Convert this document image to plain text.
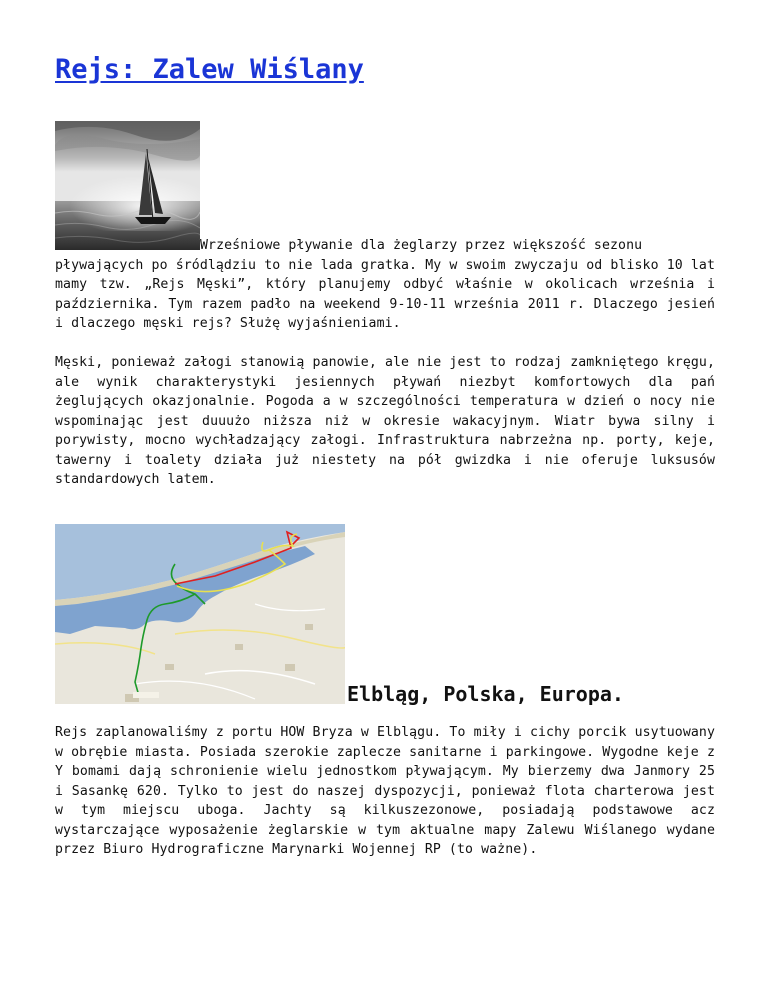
Rejs: Zalew Wiślany

Wrześniowe pływanie dla żeglarzy przez większość sezonu
pływających po śródlądziu to nie lada gratka. My w swoim zwyczaju od blisko 10 lat mamy tzw. „Rejs Męski”, który planujemy odbyć właśnie w okolicach września i października. Tym razem padło na weekend 9-10-11 września 2011 r. Dlaczego jesień i dlaczego męski rejs? Służę wyjaśnieniami.

Męski, ponieważ załogi stanowią panowie, ale nie jest to rodzaj zamkniętego kręgu, ale wynik charakterystyki jesiennych pływań niezbyt komfortowych dla pań żeglujących okazjonalnie. Pogoda a w szczególności temperatura w dzień o nocy nie wspominając jest duuużo niższa niż w okresie wakacyjnym. Wiatr bywa silny i porywisty, mocno wychładzający załogi. Infrastruktura nabrzeżna np. porty, keje, tawerny i toalety działa już niestety na pół gwizdka i nie oferuje luksusów standardowych latem.

Elbląg, Polska, Europa.

Rejs zaplanowaliśmy z portu HOW Bryza w Elblągu. To miły i cichy porcik usytuowany w obrębie miasta. Posiada szerokie zaplecze sanitarne i parkingowe. Wygodne keje z Y bomami dają schronienie wielu jednostkom pływającym. My bierzemy dwa Janmory 25 i Sasankę 620. Tylko to jest do naszej dyspozycji, ponieważ flota charterowa jest w tym miejscu uboga. Jachty są kilkuszezonowe, posiadają podstawowe acz wystarczające wyposażenie żeglarskie w tym aktualne mapy Zalewu Wiślanego wydane przez Biuro Hydrograficzne Marynarki Wojennej RP (to ważne).
